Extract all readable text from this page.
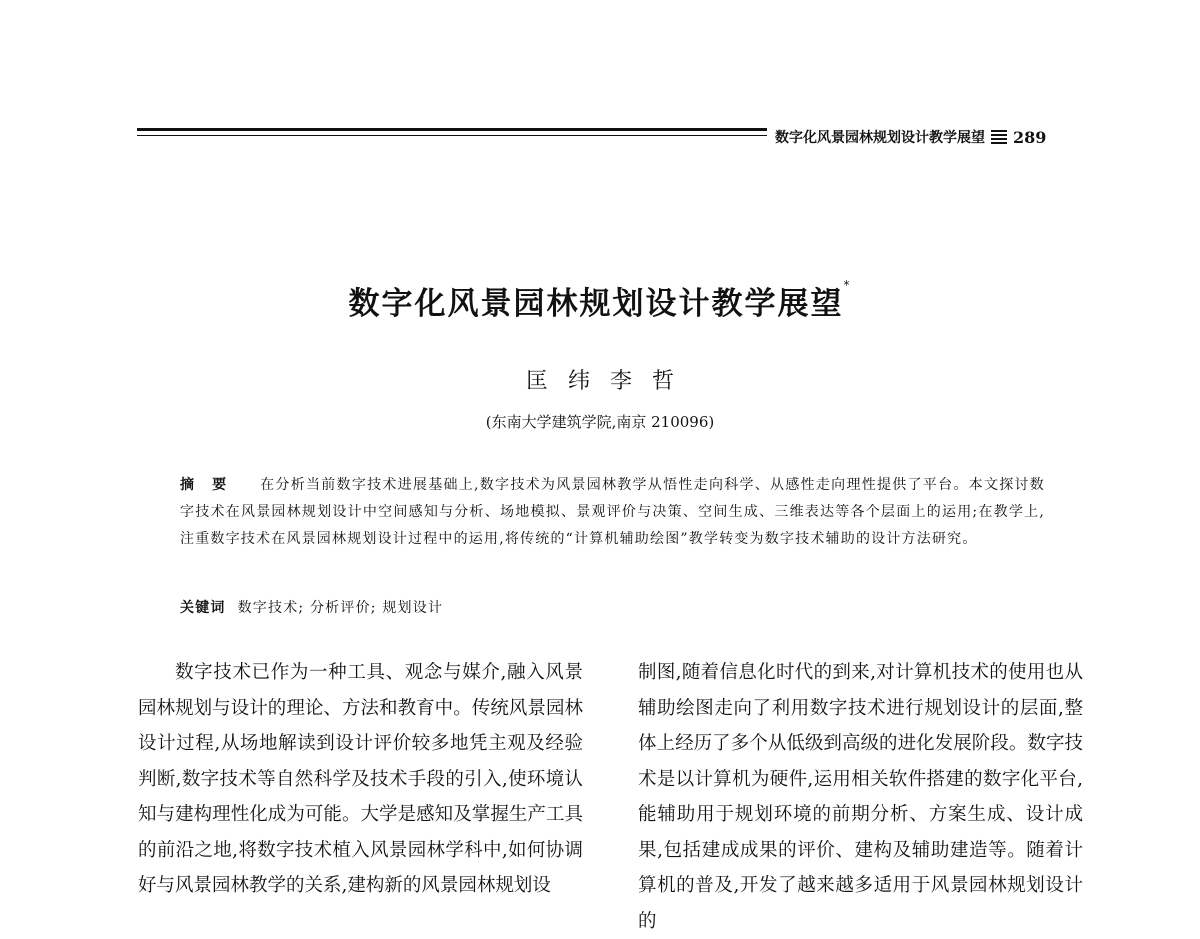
数字化风景园林规划设计教学展望 289
数字化风景园林规划设计教学展望*
匡纬李哲
(东南大学建筑学院,南京 210096)
摘要 在分析当前数字技术进展基础上,数字技术为风景园林教学从悟性走向科学、从感性走向理性提供了平台。本文探讨数字技术在风景园林规划设计中空间感知与分析、场地模拟、景观评价与决策、空间生成、三维表达等各个层面上的运用;在教学上,注重数字技术在风景园林规划设计过程中的运用,将传统的“计算机辅助绘图”教学转变为数字技术辅助的设计方法研究。
关键词 数字技术; 分析评价; 规划设计

数字技术已作为一种工具、观念与媒介,融入风景园林规划与设计的理论、方法和教育中。传统风景园林设计过程,从场地解读到设计评价较多地凭主观及经验判断,数字技术等自然科学及技术手段的引入,使环境认知与建构理性化成为可能。大学是感知及掌握生产工具的前沿之地,将数字技术植入风景园林学科中,如何协调好与风景园林教学的关系,建构新的风景园林规划设

制图,随着信息化时代的到来,对计算机技术的使用也从辅助绘图走向了利用数字技术进行规划设计的层面,整体上经历了多个从低级到高级的进化发展阶段。数字技术是以计算机为硬件,运用相关软件搭建的数字化平台,能辅助用于规划环境的前期分析、方案生成、设计成果,包括建成成果的评价、建构及辅助建造等。随着计算机的普及,开发了越来越多适用于风景园林规划设计的
